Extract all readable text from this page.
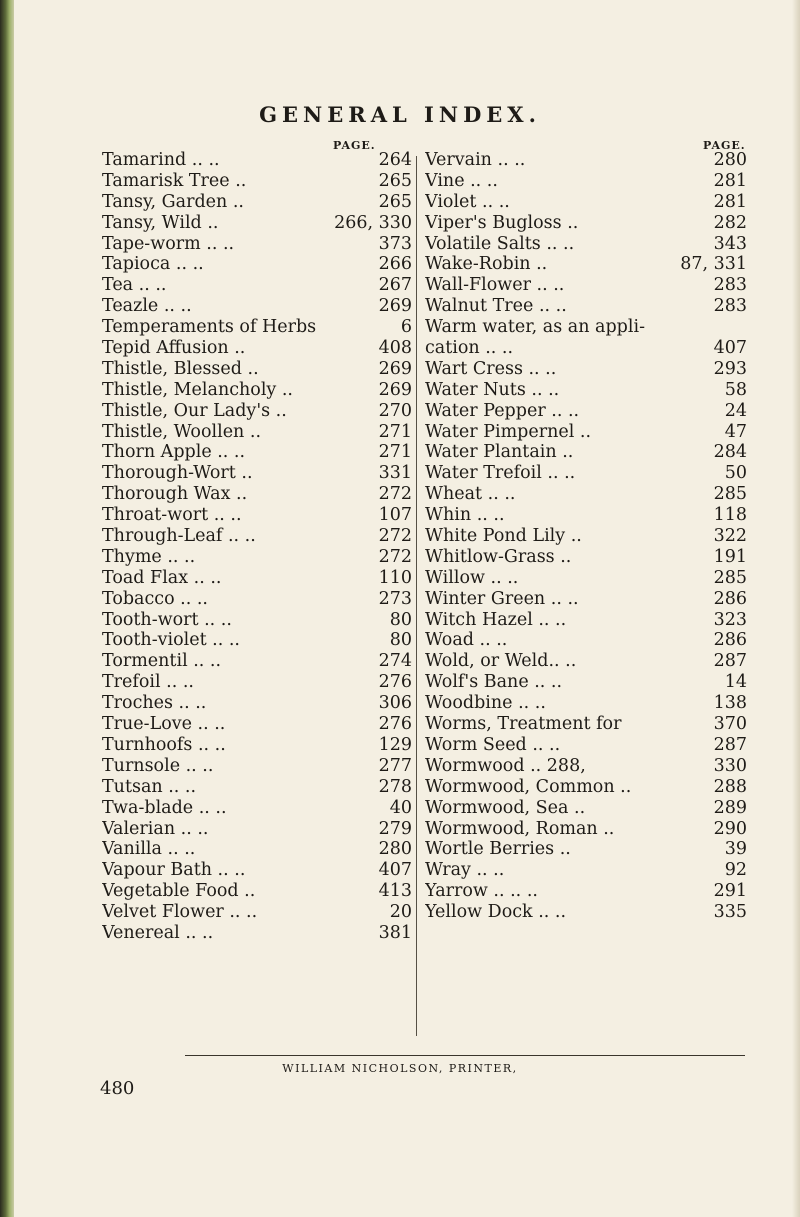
GENERAL INDEX.
PAGE.	PAGE.
Tamarind .. ..	264
Tamarisk Tree ..	265
Tansy, Garden ..	265
Tansy, Wild ..	266, 330
Tape-worm .. ..	373
Tapioca .. ..	266
Tea .. ..	267
Teazle .. ..	269
Temperaments of Herbs	6
Tepid Affusion ..	408
Thistle, Blessed ..	269
Thistle, Melancholy ..	269
Thistle, Our Lady's ..	270
Thistle, Woollen ..	271
Thorn Apple .. ..	271
Thorough-Wort ..	331
Thorough Wax ..	272
Throat-wort .. ..	107
Through-Leaf .. ..	272
Thyme .. ..	272
Toad Flax .. ..	110
Tobacco .. ..	273
Tooth-wort .. ..	80
Tooth-violet .. ..	80
Tormentil .. ..	274
Trefoil .. ..	276
Troches .. ..	306
True-Love .. ..	276
Turnhoofs .. ..	129
Turnsole .. ..	277
Tutsan .. ..	278
Twa-blade .. ..	40
Valerian .. ..	279
Vanilla .. ..	280
Vapour Bath .. ..	407
Vegetable Food ..	413
Velvet Flower .. ..	20
Venereal .. ..	381
Vervain .. ..	280
Vine .. ..	281
Violet .. ..	281
Viper's Bugloss ..	282
Volatile Salts .. ..	343
Wake-Robin ..	87, 331
Wall-Flower .. ..	283
Walnut Tree .. ..	283
Warm water, as an appli-
cation .. ..	407
Wart Cress .. ..	293
Water Nuts .. ..	58
Water Pepper .. ..	24
Water Pimpernel ..	47
Water Plantain ..	284
Water Trefoil .. ..	50
Wheat .. ..	285
Whin .. ..	118
White Pond Lily ..	322
Whitlow-Grass ..	191
Willow .. ..	285
Winter Green .. ..	286
Witch Hazel .. ..	323
Woad .. ..	286
Wold, or Weld.. ..	287
Wolf's Bane .. ..	14
Woodbine .. ..	138
Worms, Treatment for	370
Worm Seed .. ..	287
Wormwood .. 288,	330
Wormwood, Common ..	288
Wormwood, Sea ..	289
Wormwood, Roman ..	290
Wortle Berries ..	39
Wray .. ..	92
Yarrow .. .. ..	291
Yellow Dock .. ..	335
WILLIAM NICHOLSON, PRINTER,
480
